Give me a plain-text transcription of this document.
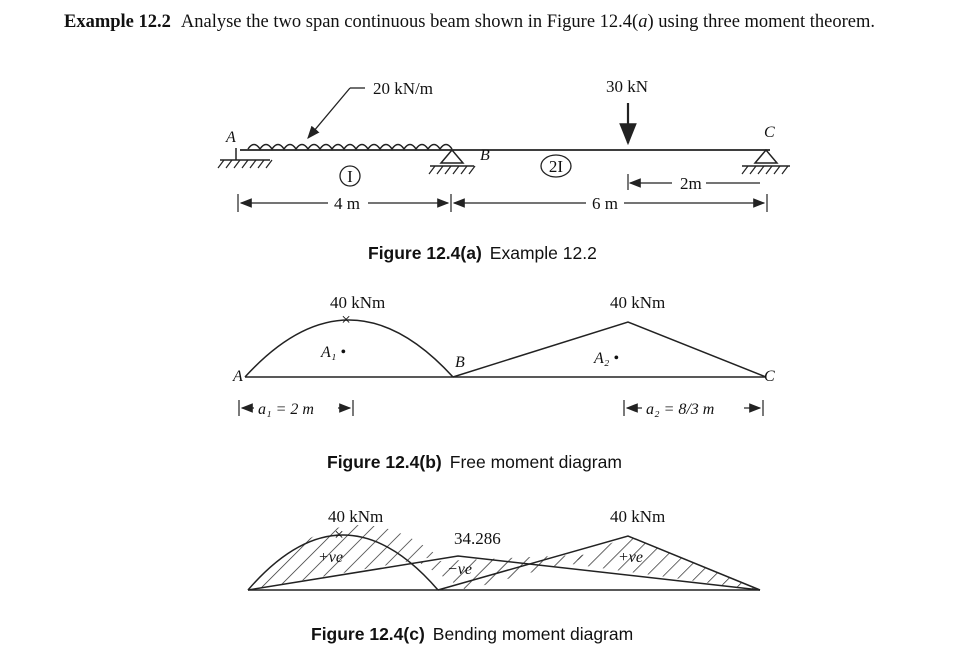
Example 12.2 Analyse the two span continuous beam shown in Figure 12.4(a) using three moment theorem.
20 kN/m	30 kN
A
B
C
I
2I
2m
4 m	6 m
Figure 12.4(a) Example 12.2
×
40 kNm	40 kNm
A₁ •	A₂ •
A
B
C
a₁ = 2 m	a₂ = 8/3 m
Figure 12.4(b) Free moment diagram
×
40 kNm	40 kNm
34.286
+ve
−ve
+ve
Figure 12.4(c) Bending moment diagram
